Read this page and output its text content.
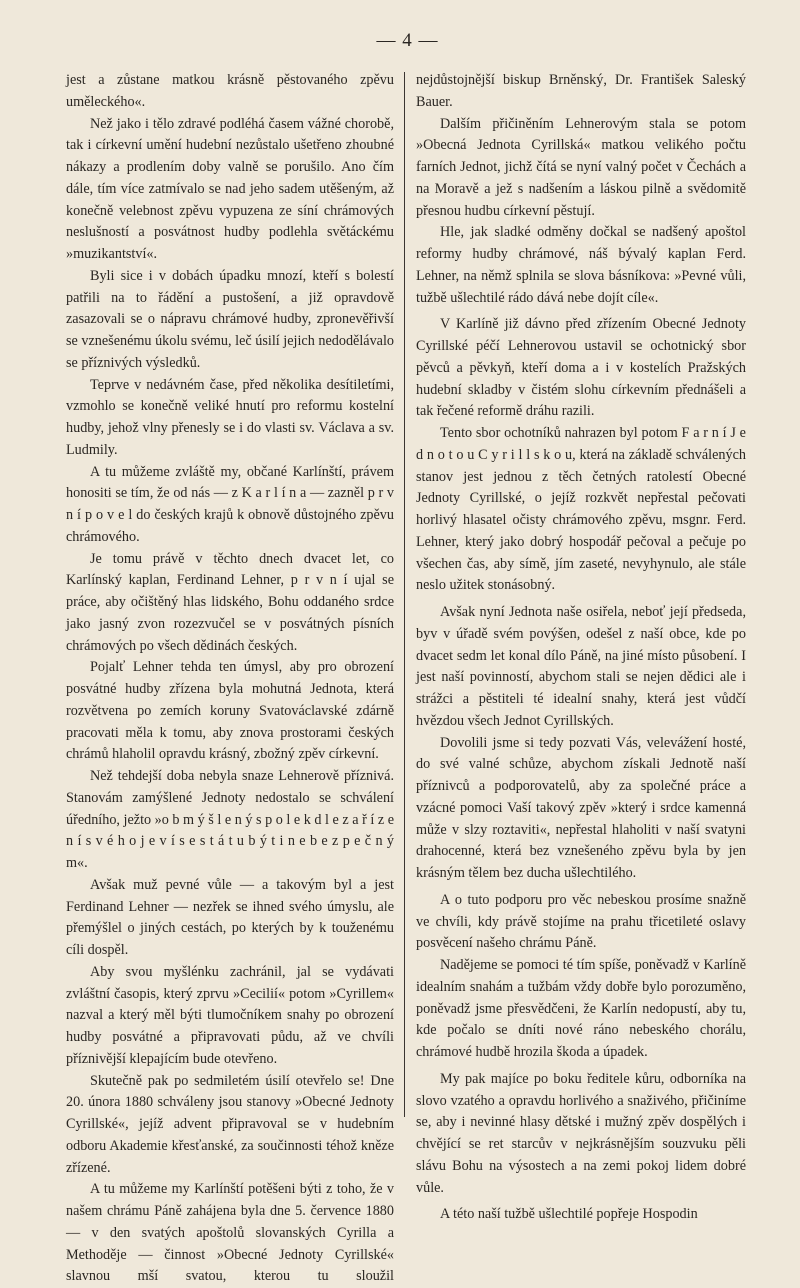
— 4 —

jest a zůstane matkou krásně pěstovaného zpěvu uměleckého«.

Než jako i tělo zdravé podléhá časem vážné chorobě, tak i církevní umění hudební nezůstalo ušetřeno zhoubné nákazy a prodlením doby valně se porušilo. Ano čím dále, tím více zatmívalo se nad jeho sadem utěšeným, až konečně velebnost zpěvu vypuzena ze síní chrámových neslušností a posvátnost hudby podlehla světáckému »muzikantství«.

Byli sice i v dobách úpadku mnozí, kteří s bolestí patřili na to řádění a pustošení, a již opravdově zasazovali se o nápravu chrámové hudby, zpronevěřivší se vznešenému úkolu svému, leč úsilí jejich nedodělávalo se příznivých výsledků.

Teprve v nedávném čase, před několika desítiletími, vzmohlo se konečně veliké hnutí pro reformu kostelní hudby, jehož vlny přenesly se i do vlasti sv. Václava a sv. Ludmily.

A tu můžeme zvláště my, občané Karlínští, právem honositi se tím, že od nás — z K a r l í n a — zazněl p r v n í p o v e l do českých krajů k obnově důstojného zpěvu chrámového.

Je tomu právě v těchto dnech dvacet let, co Karlínský kaplan, Ferdinand Lehner, p r v n í ujal se práce, aby očištěný hlas lidského, Bohu oddaného srdce jako jasný zvon rozezvučel se v posvátných písních chrámových po všech dědinách českých.

Pojalť Lehner tehda ten úmysl, aby pro obrození posvátné hudby zřízena byla mohutná Jednota, která rozvětvena po zemích koruny Svatováclavské zdárně pracovati měla k tomu, aby znova prostorami českých chrámů hlaholil opravdu krásný, zbožný zpěv církevní.

Než tehdejší doba nebyla snaze Lehnerově příznivá. Stanovám zamýšlené Jednoty nedostalo se schválení úředního, ježto »o b m ý š l e n ý s p o l e k d l e z a ř í z e n í s v é h o j e v í s e s t á t u b ý t i n e b e z p e č n ý m«.

Avšak muž pevné vůle — a takovým byl a jest Ferdinand Lehner — nezřek se ihned svého úmyslu, ale přemýšlel o jiných cestách, po kterých by k touženému cíli dospěl.

Aby svou myšlénku zachránil, jal se vydávati zvláštní časopis, který zprvu »Cecilií« potom »Cyrillem« nazval a který měl býti tlumočníkem snahy po obrození hudby posvátné a připravovati půdu, až ve chvíli příznivější klepajícím bude otevřeno.

Skutečně pak po sedmiletém úsilí otevřelo se! Dne 20. února 1880 schváleny jsou stanovy »Obecné Jednoty Cyrillské«, jejíž advent připravoval se v hudebním odboru Akademie křesťanské, za součinnosti téhož kněze zřízené.

A tu můžeme my Karlínští potěšeni býti z toho, že v našem chrámu Páně zahájena byla dne 5. července 1880 — v den svatých apoštolů slovanských Cyrilla a Methoděje — činnost »Obecné Jednoty Cyrillské« slavnou mší svatou, kterou tu sloužil

nejdůstojnější biskup Brněnský, Dr. František Saleský Bauer.

Dalším přičiněním Lehnerovým stala se potom »Obecná Jednota Cyrillská« matkou velikého počtu farních Jednot, jichž čítá se nyní valný počet v Čechách a na Moravě a jež s nadšením a láskou pilně a svědomitě přesnou hudbu církevní pěstují.

Hle, jak sladké odměny dočkal se nadšený apoštol reformy hudby chrámové, náš bývalý kaplan Ferd. Lehner, na němž splnila se slova básníkova: »Pevné vůli, tužbě ušlechtilé rádo dává nebe dojít cíle«.

V Karlíně již dávno před zřízením Obecné Jednoty Cyrillské péčí Lehnerovou ustavil se ochotnický sbor pěvců a pěvkyň, kteří doma a i v kostelích Pražských hudební skladby v čistém slohu církevním přednášeli a tak řečené reformě dráhu razili.

Tento sbor ochotníků nahrazen byl potom F a r n í J e d n o t o u C y r i l l s k o u, která na základě schválených stanov jest jednou z těch četných ratolestí Obecné Jednoty Cyrillské, o jejíž rozkvět nepřestal pečovati horlivý hlasatel očisty chrámového zpěvu, msgnr. Ferd. Lehner, který jako dobrý hospodář pečoval a pečuje po všechen čas, aby símě, jím zaseté, nevyhynulo, ale stále neslo užitek stonásobný.

Avšak nyní Jednota naše osiřela, neboť její předseda, byv v úřadě svém povýšen, odešel z naší obce, kde po dvacet sedm let konal dílo Páně, na jiné místo působení. I jest naší povinností, abychom stali se nejen dědici ale i strážci a pěstiteli té idealní snahy, která jest vůdčí hvězdou všech Jednot Cyrillských.

Dovolili jsme si tedy pozvati Vás, velevážení hosté, do své valné schůze, abychom získali Jednotě naší příznivců a podporovatelů, aby za společné práce a vzácné pomoci Vaší takový zpěv »který i srdce kamenná může v slzy roztaviti«, nepřestal hlaholiti v naší svatyni drahocenné, která bez vznešeného zpěvu byla by jen krásným tělem bez ducha ušlechtilého.

A o tuto podporu pro věc nebeskou prosíme snažně ve chvíli, kdy právě stojíme na prahu třicetileté oslavy posvěcení našeho chrámu Páně.

Nadějeme se pomoci té tím spíše, poněvadž v Karlíně idealním snahám a tužbám vždy dobře bylo porozuměno, poněvadž jsme přesvědčeni, že Karlín nedopustí, aby tu, kde počalo se dníti nové ráno nebeského chorálu, chrámové hudbě hrozila škoda a úpadek.

My pak majíce po boku ředitele kůru, odborníka na slovo vzatého a opravdu horlivého a snaživého, přičiníme se, aby i nevinné hlasy dětské i mužný zpěv dospělých i chvějící se ret starcův v nejkrásnějším souzvuku pěli slávu Bohu na výsostech a na zemi pokoj lidem dobré vůle.

A této naší tužbě ušlechtilé popřeje Hospodin
